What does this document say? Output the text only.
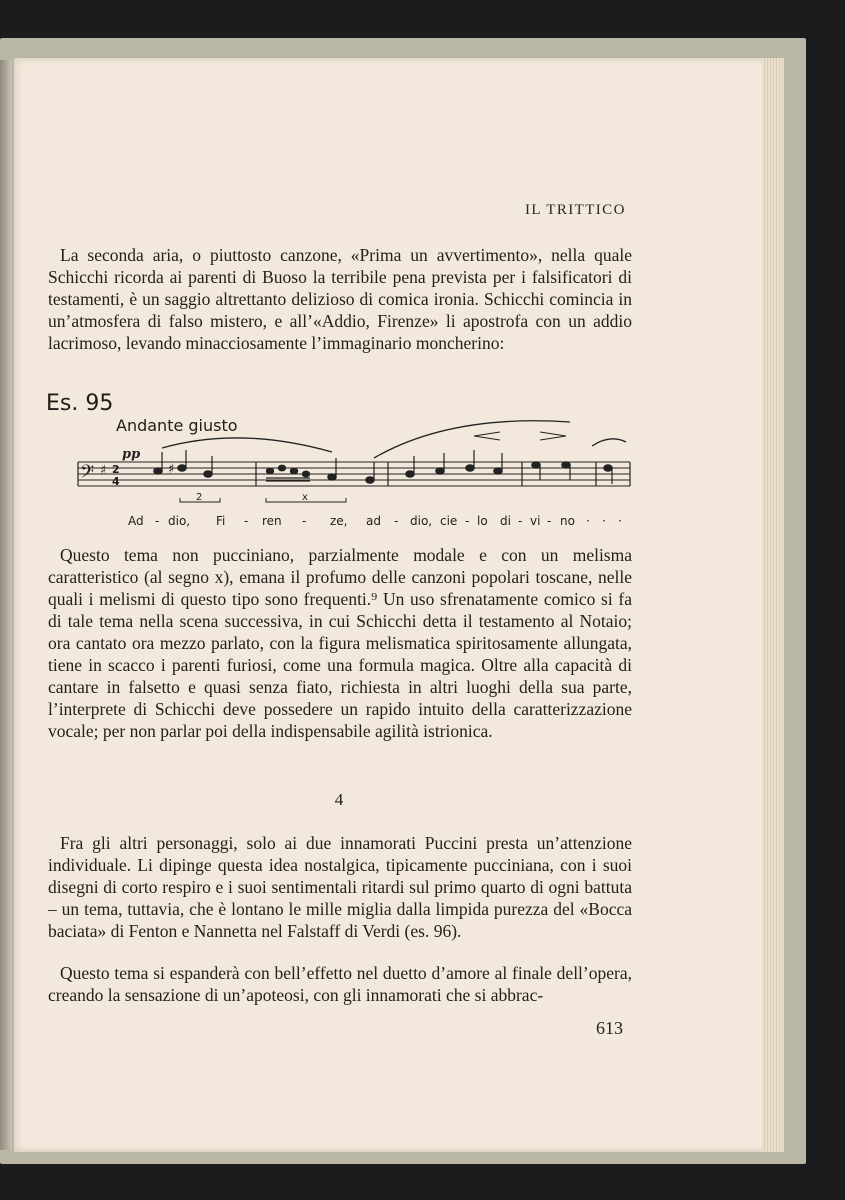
IL TRITTICO

La seconda aria, o piuttosto canzone, «Prima un avvertimento», nella quale Schicchi ricorda ai parenti di Buoso la terribile pena prevista per i falsificatori di testamenti, è un saggio altrettanto delizioso di comica ironia. Schicchi comincia in un’atmosfera di falso mistero, e all’«Addio, Firenze» li apostrofa con un addio lacrimoso, levando minacciosamente l’immaginario moncherino:

Es. 95
Andante giusto
𝄢 ♯ 2
4
pp
♯
2	x
Ad - dio, Fi - ren - ze, ad - dio, cie - lo di - vi - no · · ·

Questo tema non pucciniano, parzialmente modale e con un melisma caratteristico (al segno x), emana il profumo delle canzoni popolari toscane, nelle quali i melismi di questo tipo sono frequenti.⁹ Un uso sfrenatamente comico si fa di tale tema nella scena successiva, in cui Schicchi detta il testamento al Notaio; ora cantato ora mezzo parlato, con la figura melismatica spiritosamente allungata, tiene in scacco i parenti furiosi, come una formula magica. Oltre alla capacità di cantare in falsetto e quasi senza fiato, richiesta in altri luoghi della sua parte, l’interprete di Schicchi deve possedere un rapido intuito della caratterizzazione vocale; per non parlar poi della indispensabile agilità istrionica.

4

Fra gli altri personaggi, solo ai due innamorati Puccini presta un’attenzione individuale. Li dipinge questa idea nostalgica, tipicamente pucciniana, con i suoi disegni di corto respiro e i suoi sentimentali ritardi sul primo quarto di ogni battuta – un tema, tuttavia, che è lontano le mille miglia dalla limpida purezza del «Bocca baciata» di Fenton e Nannetta nel Falstaff di Verdi (es. 96).

Questo tema si espanderà con bell’effetto nel duetto d’amore al finale dell’opera, creando la sensazione di un’apoteosi, con gli innamorati che si abbrac-

613
